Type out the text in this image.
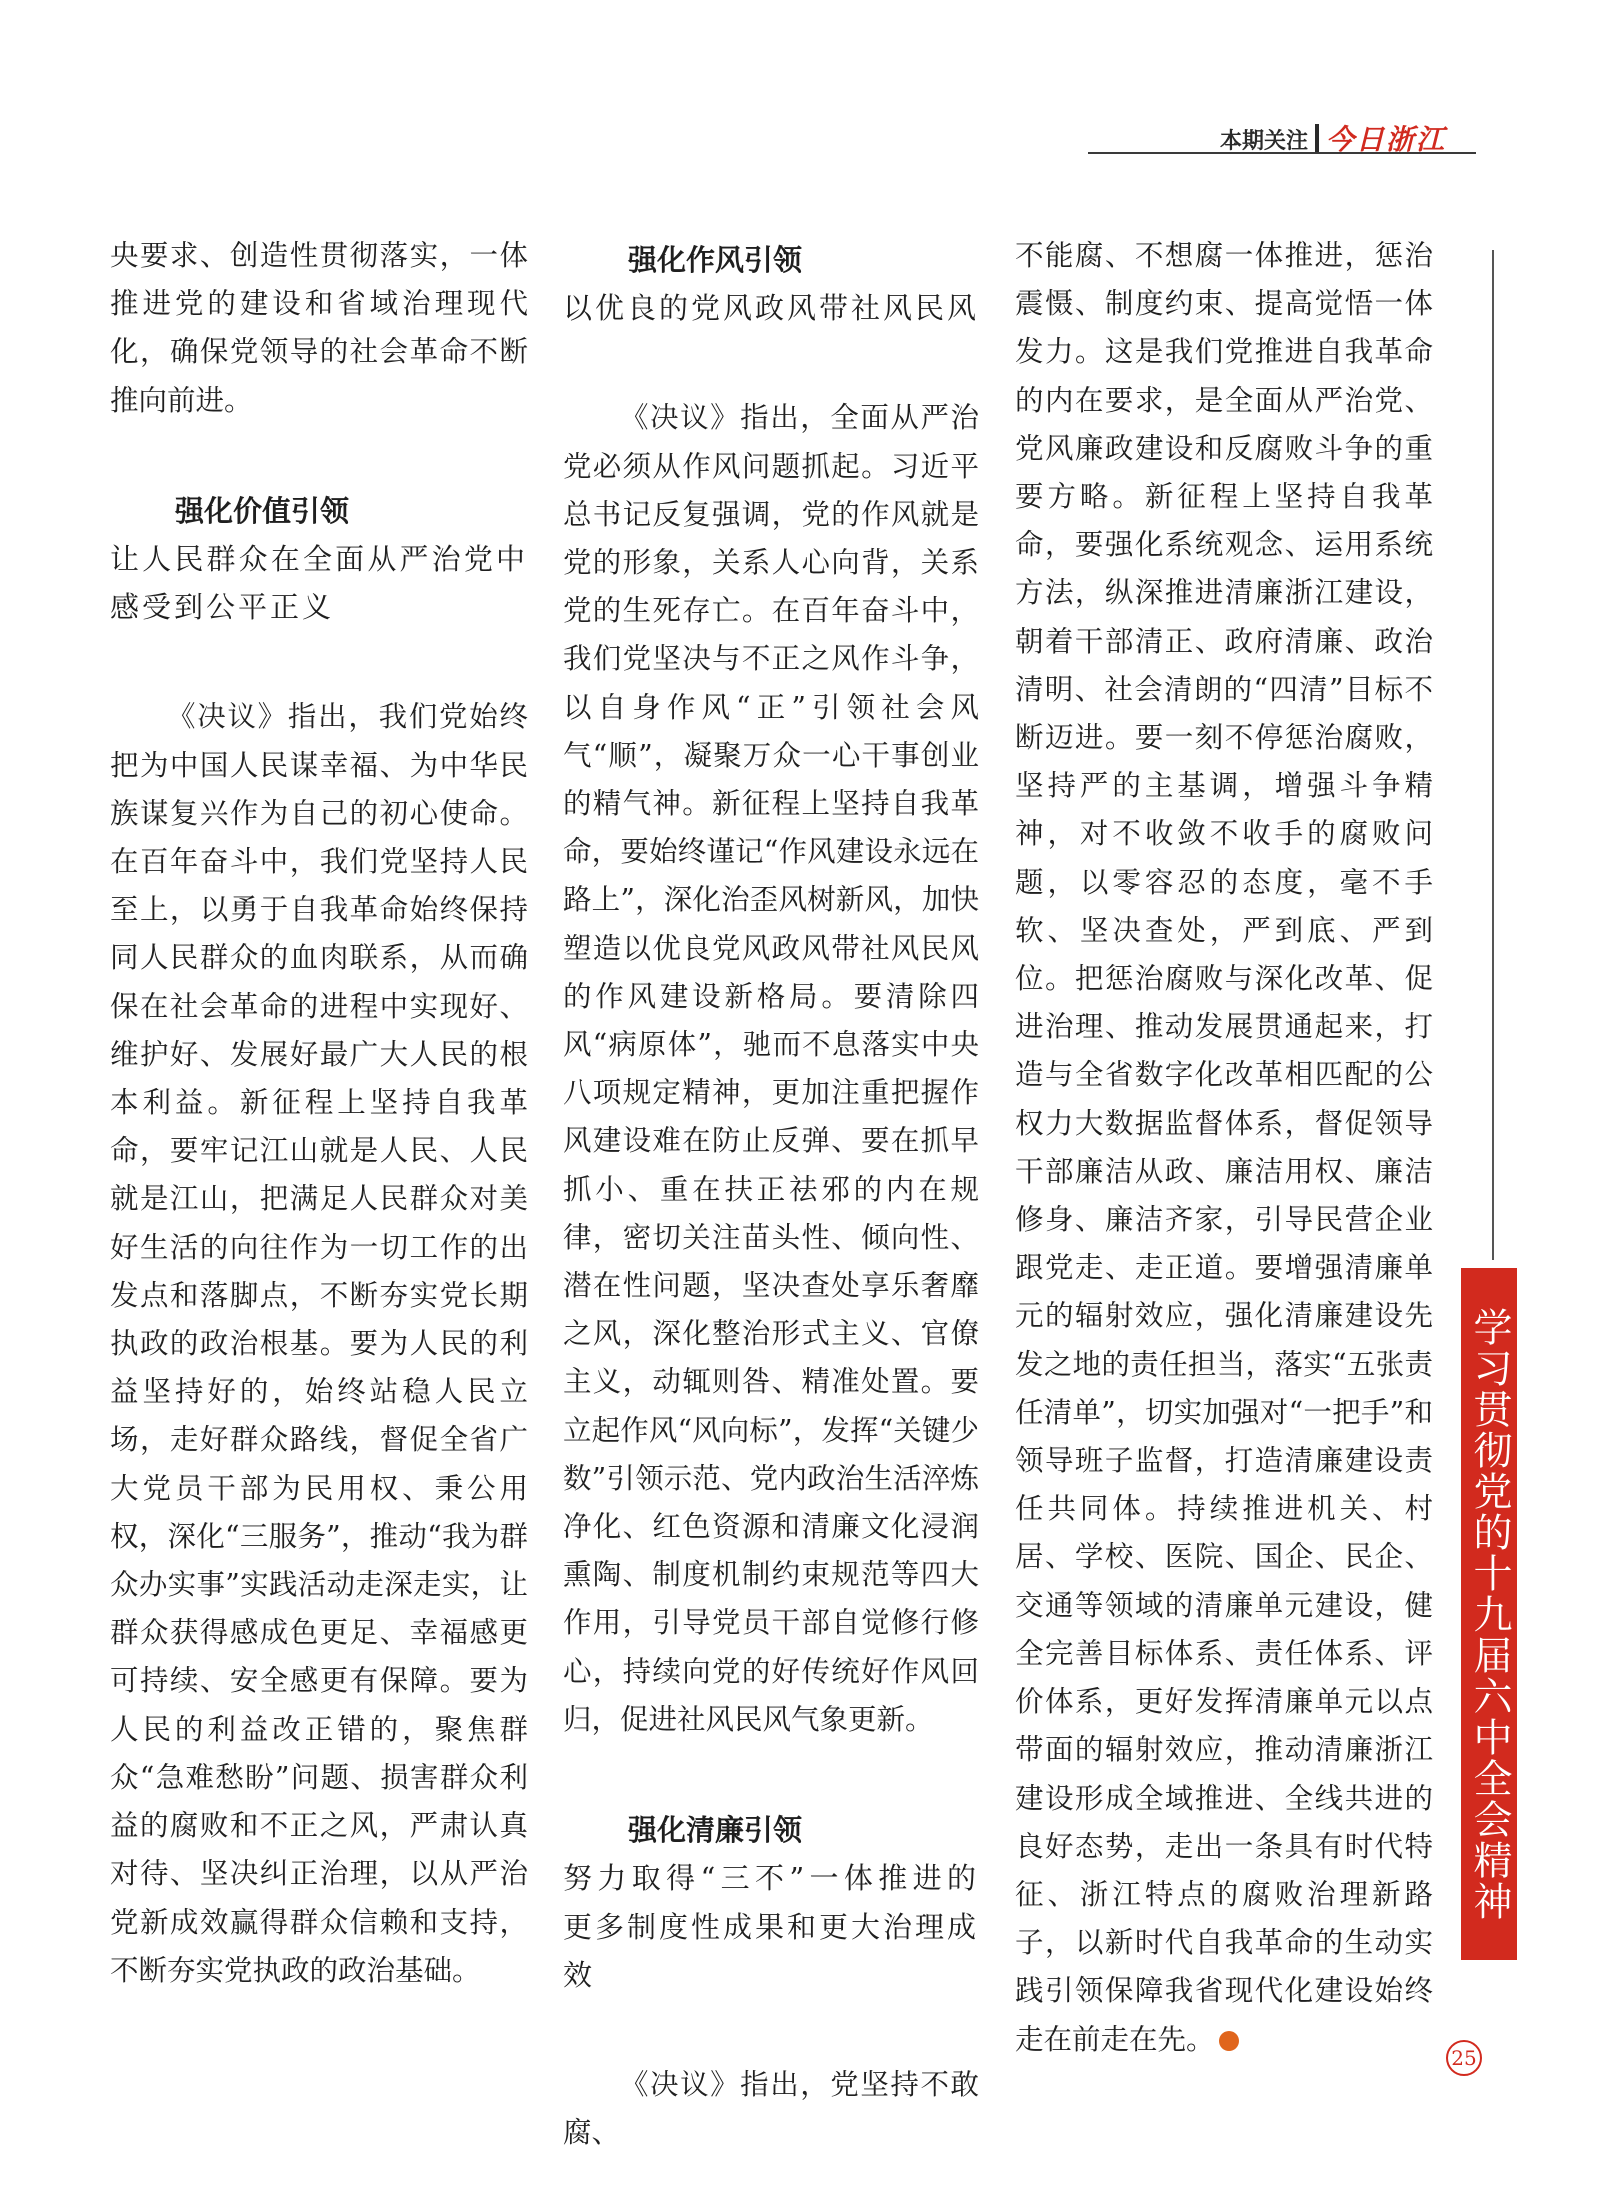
本期关注 今日浙江

央要求、创造性贯彻落实，一体推进党的建设和省域治理现代化，确保党领导的社会革命不断推向前进。

强化价值引领

让人民群众在全面从严治党中感受到公平正义

《决议》指出，我们党始终把为中国人民谋幸福、为中华民族谋复兴作为自己的初心使命。在百年奋斗中，我们党坚持人民至上，以勇于自我革命始终保持同人民群众的血肉联系，从而确保在社会革命的进程中实现好、维护好、发展好最广大人民的根本利益。新征程上坚持自我革命，要牢记江山就是人民、人民就是江山，把满足人民群众对美好生活的向往作为一切工作的出发点和落脚点，不断夯实党长期执政的政治根基。要为人民的利益坚持好的，始终站稳人民立场，走好群众路线，督促全省广大党员干部为民用权、秉公用权，深化“三服务”，推动“我为群众办实事”实践活动走深走实，让群众获得感成色更足、幸福感更可持续、安全感更有保障。要为人民的利益改正错的，聚焦群众“急难愁盼”问题、损害群众利益的腐败和不正之风，严肃认真对待、坚决纠正治理，以从严治党新成效赢得群众信赖和支持，不断夯实党执政的政治基础。

强化作风引领

以优良的党风政风带社风民风

《决议》指出，全面从严治党必须从作风问题抓起。习近平总书记反复强调，党的作风就是党的形象，关系人心向背，关系党的生死存亡。在百年奋斗中，我们党坚决与不正之风作斗争，以自身作风“正”引领社会风气“顺”，凝聚万众一心干事创业的精气神。新征程上坚持自我革命，要始终谨记“作风建设永远在路上”，深化治歪风树新风，加快塑造以优良党风政风带社风民风的作风建设新格局。要清除四风“病原体”，驰而不息落实中央八项规定精神，更加注重把握作风建设难在防止反弹、要在抓早抓小、重在扶正祛邪的内在规律，密切关注苗头性、倾向性、潜在性问题，坚决查处享乐奢靡之风，深化整治形式主义、官僚主义，动辄则咎、精准处置。要立起作风“风向标”，发挥“关键少数”引领示范、党内政治生活淬炼净化、红色资源和清廉文化浸润熏陶、制度机制约束规范等四大作用，引导党员干部自觉修行修心，持续向党的好传统好作风回归，促进社风民风气象更新。

强化清廉引领

努力取得“三不”一体推进的更多制度性成果和更大治理成效

《决议》指出，党坚持不敢腐、

不能腐、不想腐一体推进，惩治震慑、制度约束、提高觉悟一体发力。这是我们党推进自我革命的内在要求，是全面从严治党、党风廉政建设和反腐败斗争的重要方略。新征程上坚持自我革命，要强化系统观念、运用系统方法，纵深推进清廉浙江建设，朝着干部清正、政府清廉、政治清明、社会清朗的“四清”目标不断迈进。要一刻不停惩治腐败，坚持严的主基调，增强斗争精神，对不收敛不收手的腐败问题，以零容忍的态度，毫不手软、坚决查处，严到底、严到位。把惩治腐败与深化改革、促进治理、推动发展贯通起来，打造与全省数字化改革相匹配的公权力大数据监督体系，督促领导干部廉洁从政、廉洁用权、廉洁修身、廉洁齐家，引导民营企业跟党走、走正道。要增强清廉单元的辐射效应，强化清廉建设先发之地的责任担当，落实“五张责任清单”，切实加强对“一把手”和领导班子监督，打造清廉建设责任共同体。持续推进机关、村居、学校、医院、国企、民企、交通等领域的清廉单元建设，健全完善目标体系、责任体系、评价体系，更好发挥清廉单元以点带面的辐射效应，推动清廉浙江建设形成全域推进、全线共进的良好态势，走出一条具有时代特征、浙江特点的腐败治理新路子，以新时代自我革命的生动实践引领保障我省现代化建设始终走在前走在先。

学习贯彻党的十九届六中全会精神
25
